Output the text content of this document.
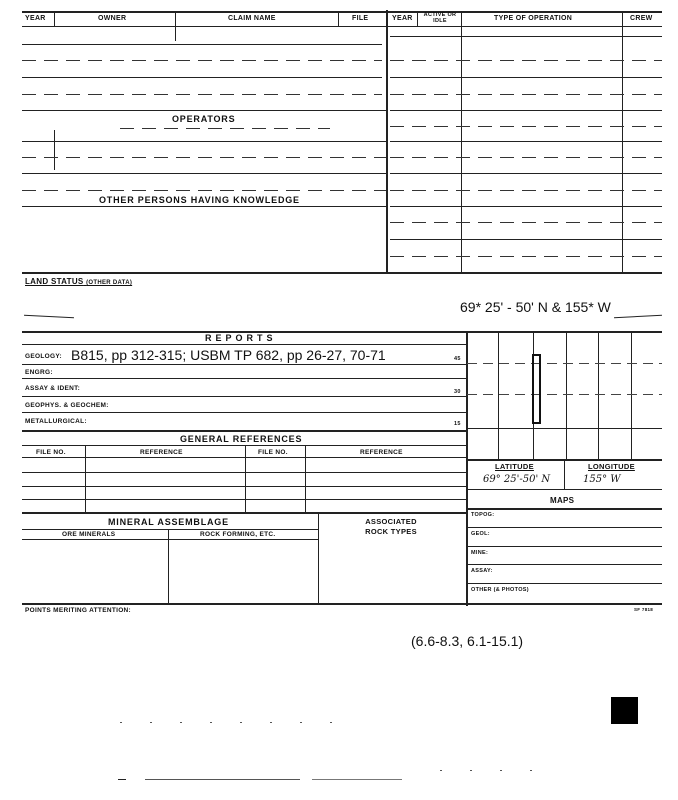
YEAR	OWNER	CLAIM NAME	FILE	YEAR	ACTIVE OR IDLE	TYPE OF OPERATION	CREW
OPERATORS
OTHER PERSONS HAVING KNOWLEDGE
LAND STATUS (OTHER DATA)
69* 25' - 50' N & 155* W
REPORTS
GEOLOGY: B815, pp 312-315; USBM TP 682, pp 26-27, 70-71	45
ENGRG:
ASSAY & IDENT:	30
GEOPHYS. & GEOCHEM:
METALLURGICAL:	15
GENERAL REFERENCES
FILE NO.	REFERENCE	FILE NO.	REFERENCE
MINERAL ASSEMBLAGE	ASSOCIATED ROCK TYPES
ORE MINERALS	ROCK FORMING, ETC.
LATITUDE	LONGITUDE
69° 25'-50' N	155° W
MAPS
TOPOG:
GEOL:
MINE:
ASSAY:
OTHER (& PHOTOS)
POINTS MERITING ATTENTION:	SF 7818
(6.6-8.3, 6.1-15.1)
